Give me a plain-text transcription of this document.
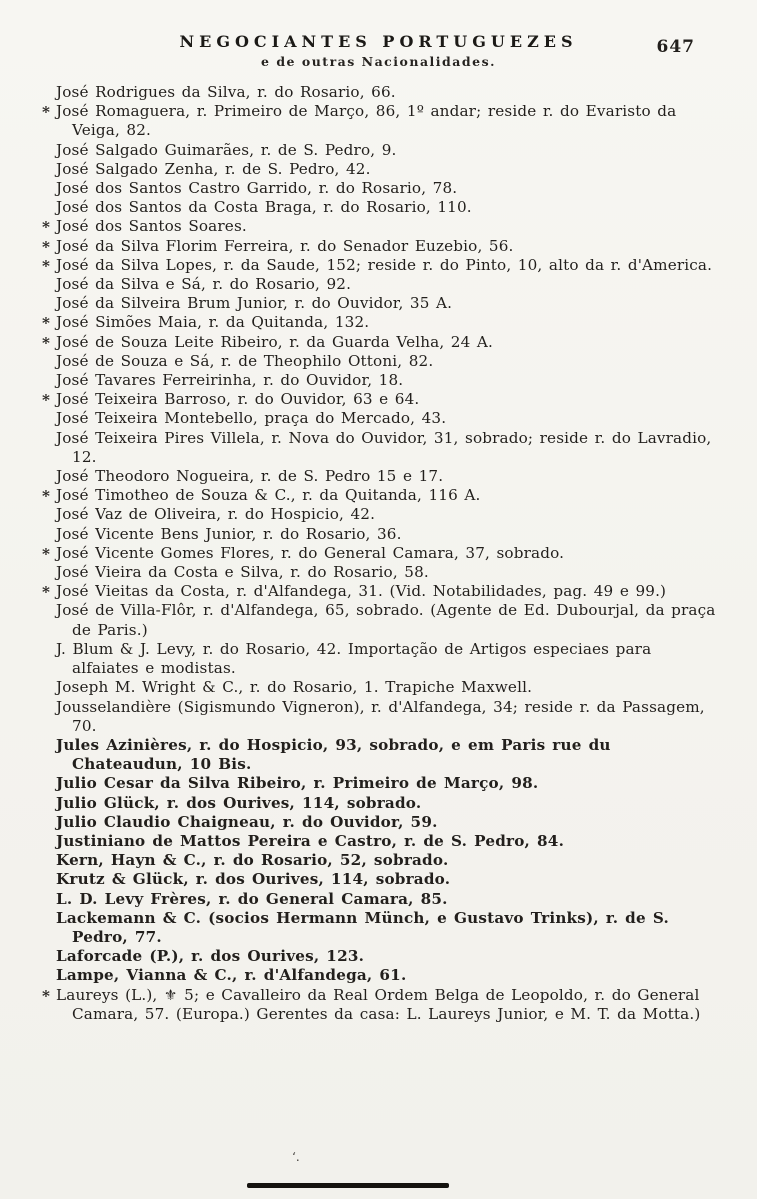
NEGOCIANTES PORTUGUEZES
e de outras Nacionalidades.
647
José Rodrigues da Silva, r. do Rosario, 66.
* José Romaguera, r. Primeiro de Março, 86, 1º andar; reside r. do Evaristo da Veiga, 82.
José Salgado Guimarães, r. de S. Pedro, 9.
José Salgado Zenha, r. de S. Pedro, 42.
José dos Santos Castro Garrido, r. do Rosario, 78.
José dos Santos da Costa Braga, r. do Rosario, 110.
* José dos Santos Soares.
* José da Silva Florim Ferreira, r. do Senador Euzebio, 56.
* José da Silva Lopes, r. da Saude, 152; reside r. do Pinto, 10, alto da r. d'America.
José da Silva e Sá, r. do Rosario, 92.
José da Silveira Brum Junior, r. do Ouvidor, 35 A.
* José Simões Maia, r. da Quitanda, 132.
* José de Souza Leite Ribeiro, r. da Guarda Velha, 24 A.
José de Souza e Sá, r. de Theophilo Ottoni, 82.
José Tavares Ferreirinha, r. do Ouvidor, 18.
* José Teixeira Barroso, r. do Ouvidor, 63 e 64.
José Teixeira Montebello, praça do Mercado, 43.
José Teixeira Pires Villela, r. Nova do Ouvidor, 31, sobrado; reside r. do Lavradio, 12.
José Theodoro Nogueira, r. de S. Pedro 15 e 17.
* José Timotheo de Souza & C., r. da Quitanda, 116 A.
José Vaz de Oliveira, r. do Hospicio, 42.
José Vicente Bens Junior, r. do Rosario, 36.
* José Vicente Gomes Flores, r. do General Camara, 37, sobrado.
José Vieira da Costa e Silva, r. do Rosario, 58.
* José Vieitas da Costa, r. d'Alfandega, 31. (Vid. Notabilidades, pag. 49 e 99.)
José de Villa-Flôr, r. d'Alfandega, 65, sobrado. (Agente de Ed. Dubourjal, da praça de Paris.)
J. Blum & J. Levy, r. do Rosario, 42. Importação de Artigos especiaes para alfaiates e modistas.
Joseph M. Wright & C., r. do Rosario, 1. Trapiche Maxwell.
Jousselandière (Sigismundo Vigneron), r. d'Alfandega, 34; reside r. da Passagem, 70.
Jules Azinières, r. do Hospicio, 93, sobrado, e em Paris rue du Chateaudun, 10 Bis.
Julio Cesar da Silva Ribeiro, r. Primeiro de Março, 98.
Julio Glück, r. dos Ourives, 114, sobrado.
Julio Claudio Chaigneau, r. do Ouvidor, 59.
Justiniano de Mattos Pereira e Castro, r. de S. Pedro, 84.
Kern, Hayn & C., r. do Rosario, 52, sobrado.
Krutz & Glück, r. dos Ourives, 114, sobrado.
L. D. Levy Frères, r. do General Camara, 85.
Lackemann & C. (socios Hermann Münch, e Gustavo Trinks), r. de S. Pedro, 77.
Laforcade (P.), r. dos Ourives, 123.
Lampe, Vianna & C., r. d'Alfandega, 61.
* Laureys (L.), ⚜ 5; e Cavalleiro da Real Ordem Belga de Leopoldo, r. do General Camara, 57. (Europa.) Gerentes da casa: L. Laureys Junior, e M. T. da Motta.)
‘.
